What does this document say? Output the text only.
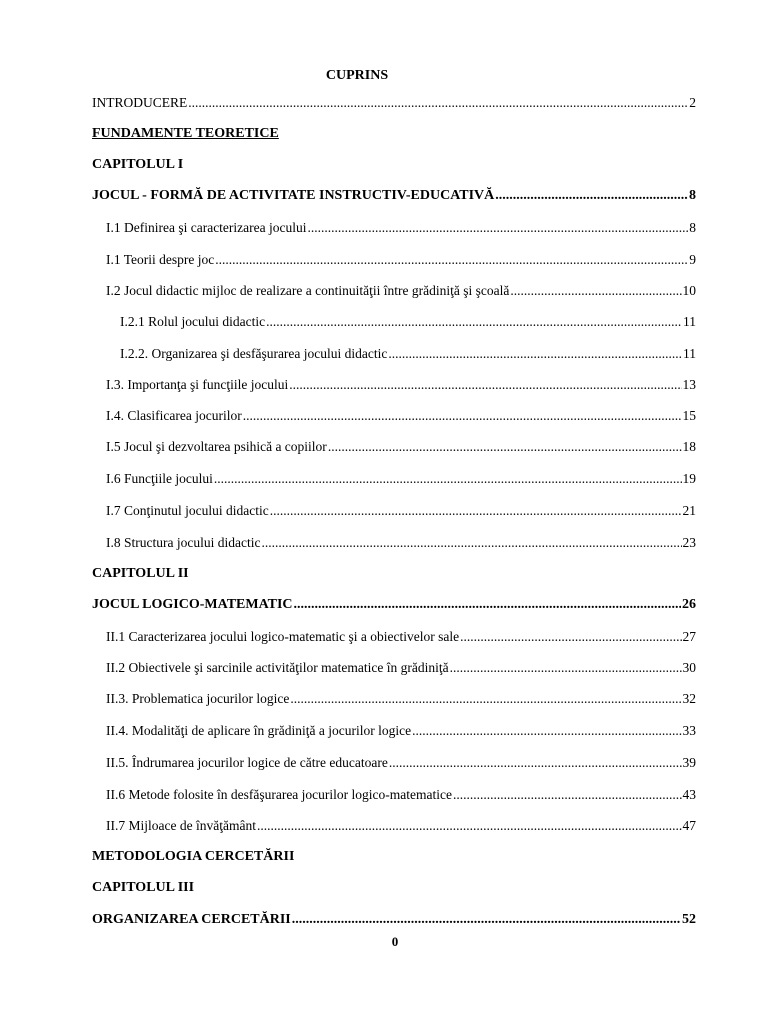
CUPRINS
INTRODUCERE .....	2
FUNDAMENTE TEORETICE
CAPITOLUL I
JOCUL - FORMĂ DE ACTIVITATE INSTRUCTIV-EDUCATIVĂ .....	8
I.1 Definirea şi caracterizarea jocului .....	8
I.1 Teorii despre joc .....	9
I.2 Jocul didactic mijloc de realizare a continuităţii între grădiniţă şi şcoală .....	10
I.2.1 Rolul jocului didactic .....	11
I.2.2. Organizarea şi desfăşurarea jocului didactic .....	11
I.3. Importanţa şi funcţiile jocului .....	13
I.4. Clasificarea jocurilor .....	15
I.5 Jocul şi dezvoltarea psihică a copiilor .....	18
I.6 Funcţiile jocului .....	19
I.7 Conţinutul jocului didactic .....	21
I.8 Structura jocului didactic .....	23
CAPITOLUL II
JOCUL LOGICO-MATEMATIC .....	26
II.1 Caracterizarea jocului logico-matematic şi a obiectivelor sale .....	27
II.2 Obiectivele şi sarcinile activităţilor matematice în grădiniţă .....	30
II.3. Problematica jocurilor logice .....	32
II.4. Modalităţi de aplicare în grădiniţă a jocurilor logice .....	33
II.5. Îndrumarea jocurilor logice de către educatoare .....	39
II.6 Metode folosite în desfăşurarea jocurilor logico-matematice .....	43
II.7 Mijloace de învăţământ .....	47
METODOLOGIA CERCETĂRII
CAPITOLUL III
ORGANIZAREA CERCETĂRII .....	52
0
